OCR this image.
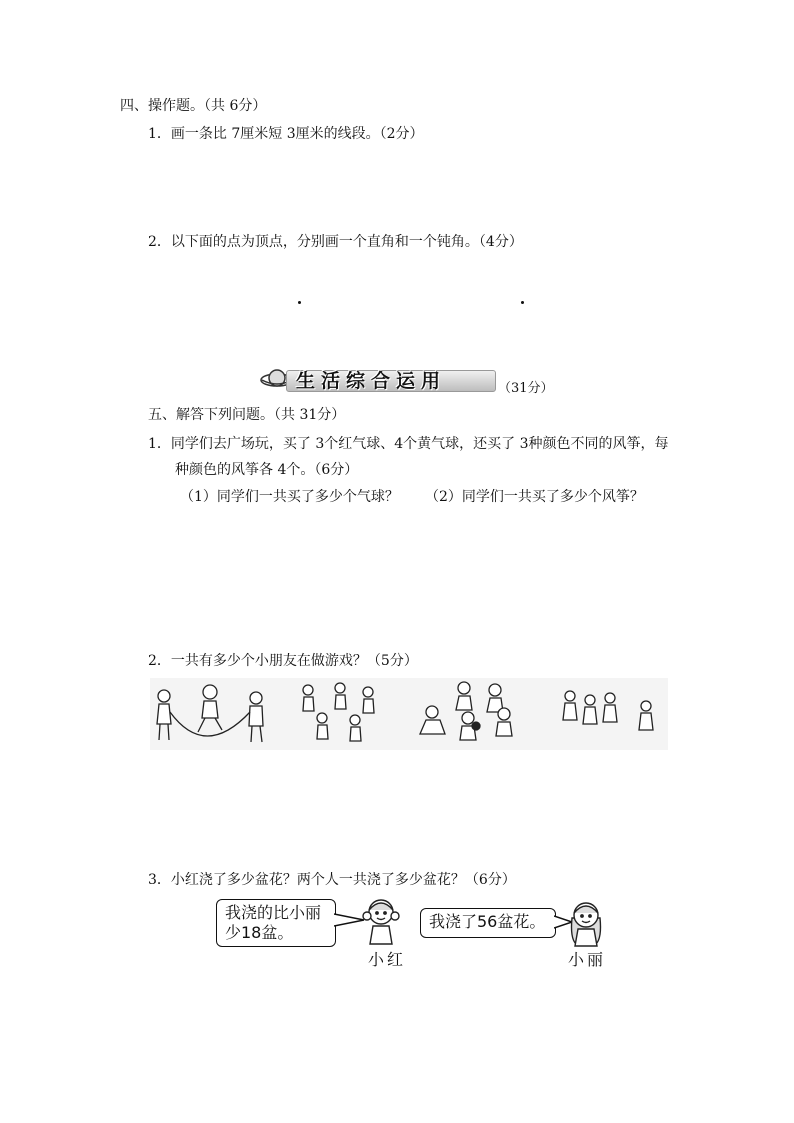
四、操作题。（共 6分）
1．画一条比 7厘米短 3厘米的线段。（2分）
2．以下面的点为顶点，分别画一个直角和一个钝角。（4分）
生活综合运用	（31分）
五、解答下列问题。（共 31分）
1．同学们去广场玩，买了 3个红气球、4个黄气球，还买了 3种颜色不同的风筝，每
种颜色的风筝各 4个。（6分）
（1）同学们一共买了多少个气球？ （2）同学们一共买了多少个风筝？
2．一共有多少个小朋友在做游戏？（5分）
3．小红浇了多少盆花？两个人一共浇了多少盆花？（6分）
我浇的比小丽
少18盆。
小红
我浇了56盆花。
小丽
